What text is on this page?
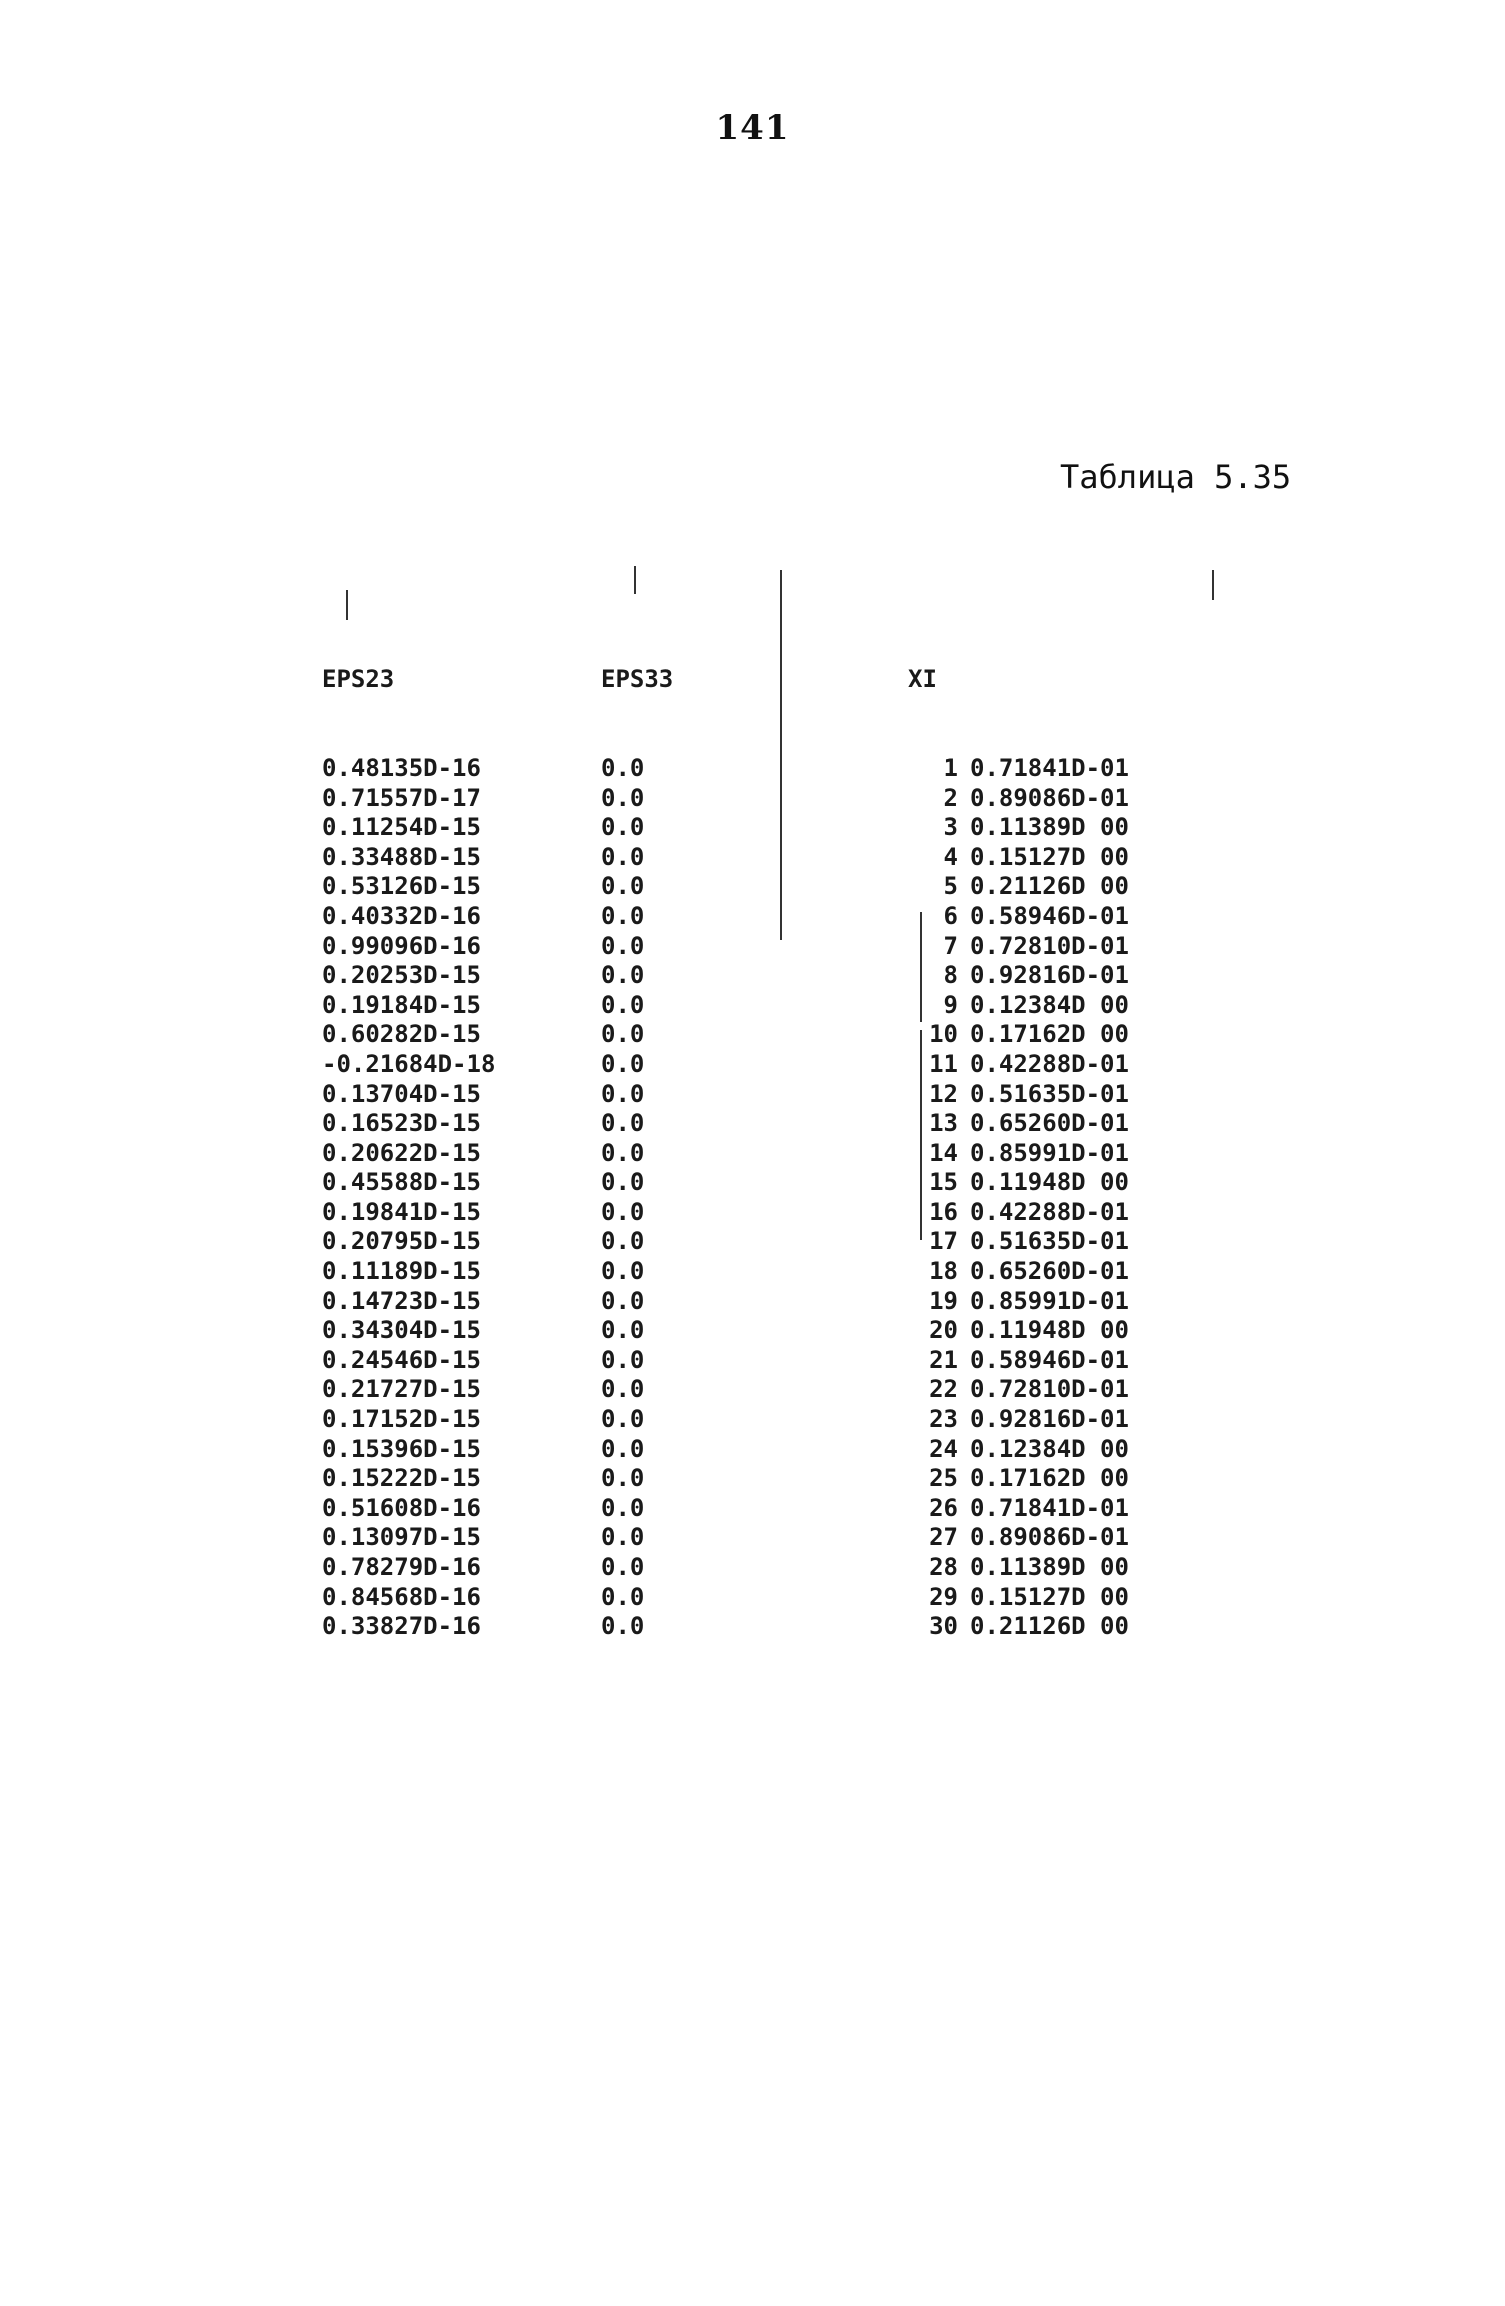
141
Таблица 5.35

EPS23

0.48135D-16
0.71557D-17
0.11254D-15
0.33488D-15
0.53126D-15
0.40332D-16
0.99096D-16
0.20253D-15
0.19184D-15
0.60282D-15
-0.21684D-18
0.13704D-15
0.16523D-15
0.20622D-15
0.45588D-15
0.19841D-15
0.20795D-15
0.11189D-15
0.14723D-15
0.34304D-15
0.24546D-15
0.21727D-15
0.17152D-15
0.15396D-15
0.15222D-15
0.51608D-16
0.13097D-15
0.78279D-16
0.84568D-16
0.33827D-16

EPS33

0.0
0.0
0.0
0.0
0.0
0.0
0.0
0.0
0.0
0.0
0.0
0.0
0.0
0.0
0.0
0.0
0.0
0.0
0.0
0.0
0.0
0.0
0.0
0.0
0.0
0.0
0.0
0.0
0.0
0.0

XI

1
2
3
4
5
6
7
8
9
10
11
12
13
14
15
16
17
18
19
20
21
22
23
24
25
26
27
28
29
30

0.71841D-01
0.89086D-01
0.11389D 00
0.15127D 00
0.21126D 00
0.58946D-01
0.72810D-01
0.92816D-01
0.12384D 00
0.17162D 00
0.42288D-01
0.51635D-01
0.65260D-01
0.85991D-01
0.11948D 00
0.42288D-01
0.51635D-01
0.65260D-01
0.85991D-01
0.11948D 00
0.58946D-01
0.72810D-01
0.92816D-01
0.12384D 00
0.17162D 00
0.71841D-01
0.89086D-01
0.11389D 00
0.15127D 00
0.21126D 00
